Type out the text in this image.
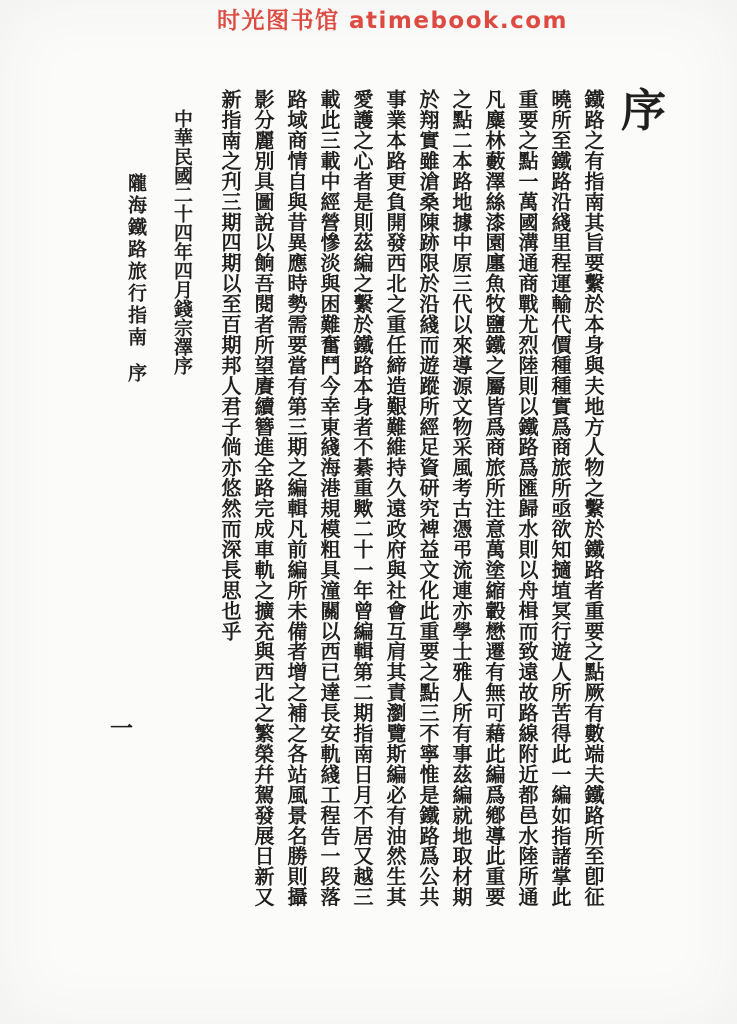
时光图书馆 atimebook.com
序
鐵路之有指南其旨要繫於本身與夫地方人物之繫於鐵路者重要之點厥有數端夫鐵路所至卽征
曉所至鐵路沿綫里程運輸代價種種實爲商旅所亟欲知擿埴冥行遊人所苦得此一編如指諸掌此
重要之點一萬國溝通商戰尤烈陸則以鐵路爲匯歸水則以舟楫而致遠故路線附近都邑水陸所通
凡麋林藪澤絲漆園廛魚牧鹽鐵之屬皆爲商旅所注意萬塗縮轂懋遷有無可藉此編爲鄕導此重要
之點二本路地據中原三代以來導源文物采風考古憑弔流連亦學士雅人所有事茲編就地取材期
於翔實雖滄桑陳跡限於沿綫而遊蹤所經足資研究裨益文化此重要之點三不寧惟是鐵路爲公共
事業本路更負開發西北之重任締造艱難維持久遠政府與社會互肩其責瀏覽斯編必有油然生其
愛護之心者是則茲編之繫於鐵路本身者不綦重歟二十一年曾編輯第二期指南日月不居又越三
載此三載中經營慘淡與困難奮鬥今幸東綫海港規模粗具潼關以西已達長安軌綫工程告一段落
路域商情自與昔異應時勢需要當有第三期之編輯凡前編所未備者增之補之各站風景名勝則攝
影分麗別具圖說以餉吾閱者所望賡續簪進全路完成車軌之擴充與西北之繁榮幷駕發展日新又
新指南之刋三期四期以至百期邦人君子倘亦悠然而深長思也乎
中華民國二十四年四月錢宗澤序
隴海鐵路旅行指南序
一
